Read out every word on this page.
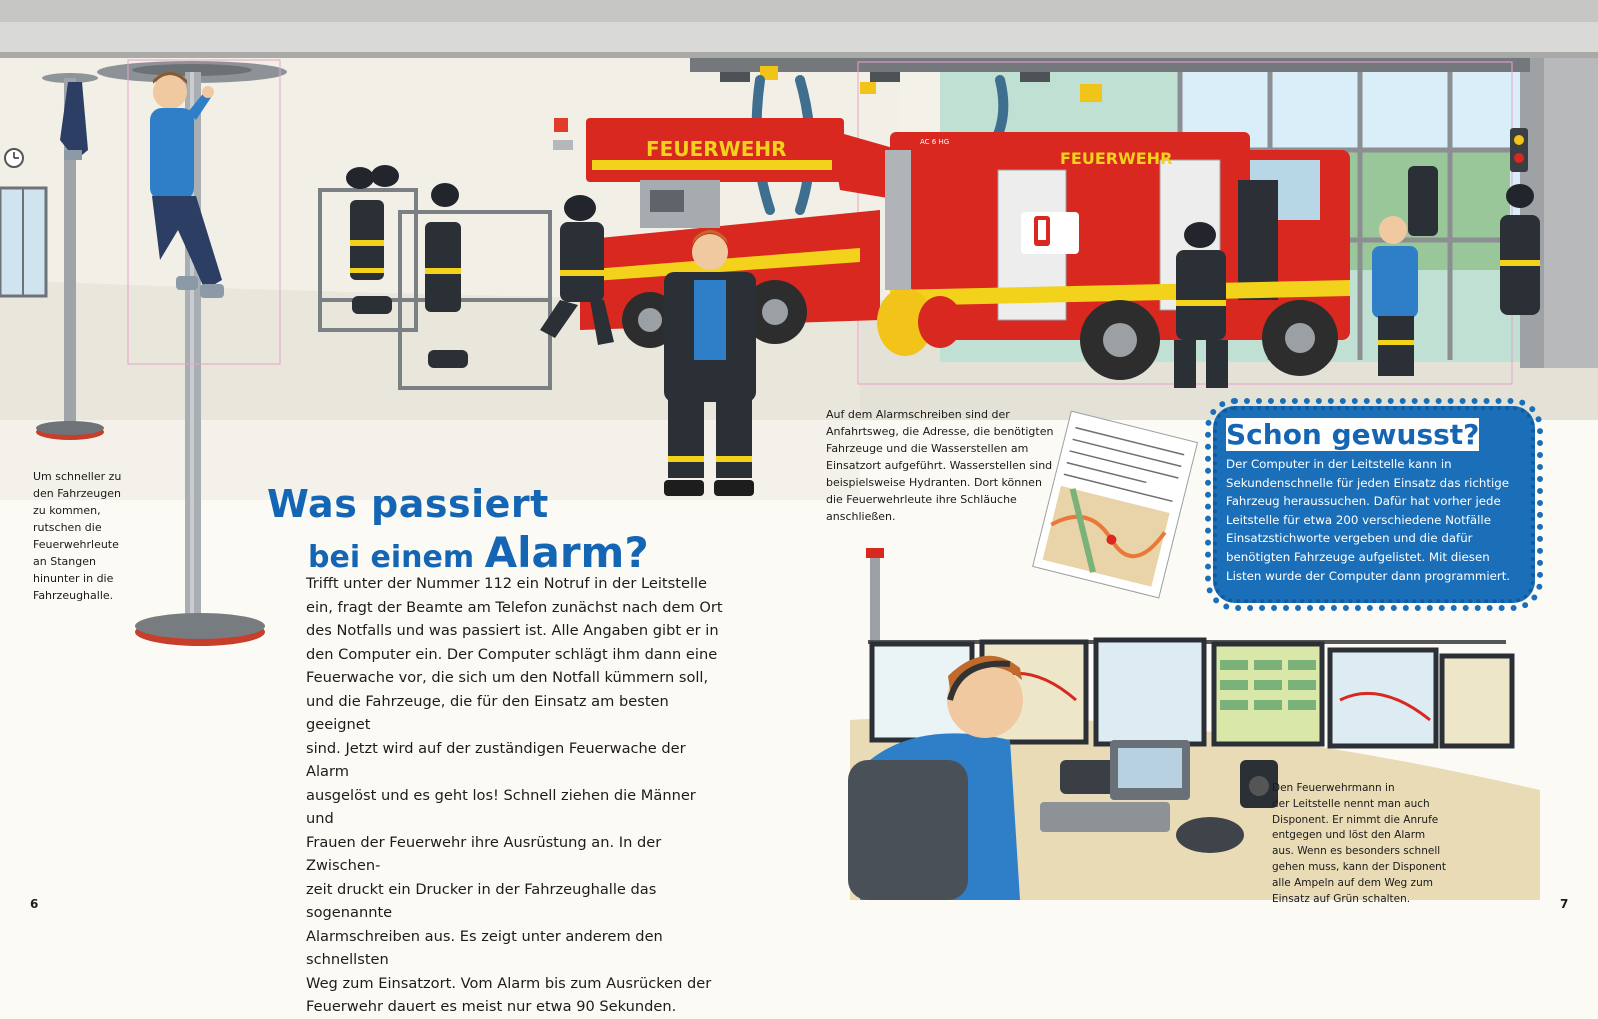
FEUERWEHR	FEUERWEHR
112
AC 6 HG
Um schneller zu
den Fahrzeugen
zu kommen,
rutschen die
Feuerwehrleute
an Stangen
hinunter in die
Fahrzeughalle.
Auf dem Alarmschreiben sind der
Anfahrtsweg, die Adresse, die benötigten
Fahrzeuge und die Wasserstellen am
Einsatzort aufgeführt. Wasserstellen sind
beispielsweise Hydranten. Dort können
die Feuerwehrleute ihre Schläuche
anschließen.
Was passiert
bei einem Alarm?
Trifft unter der Nummer 112 ein Notruf in der Leitstelle
ein, fragt der Beamte am Telefon zunächst nach dem Ort
des Notfalls und was passiert ist. Alle Angaben gibt er in
den Computer ein. Der Computer schlägt ihm dann eine
Feuerwache vor, die sich um den Notfall kümmern soll,
und die Fahrzeuge, die für den Einsatz am besten geeignet
sind. Jetzt wird auf der zuständigen Feuerwache der Alarm
ausgelöst und es geht los! Schnell ziehen die Männer und
Frauen der Feuerwehr ihre Ausrüstung an. In der Zwischen-
zeit druckt ein Drucker in der Fahrzeughalle das sogenannte
Alarmschreiben aus. Es zeigt unter anderem den schnellsten
Weg zum Einsatzort. Vom Alarm bis zum Ausrücken der
Feuerwehr dauert es meist nur etwa 90 Sekunden.
Schon gewusst?
Der Computer in der Leitstelle kann in
Sekundenschnelle für jeden Einsatz das richtige
Fahrzeug heraussuchen. Dafür hat vorher jede
Leitstelle für etwa 200 verschiedene Notfälle
Einsatzstichworte vergeben und die dafür
benötigten Fahrzeuge aufgelistet. Mit diesen
Listen wurde der Computer dann programmiert.
Den Feuerwehrmann in
der Leitstelle nennt man auch
Disponent. Er nimmt die Anrufe
entgegen und löst den Alarm
aus. Wenn es besonders schnell
gehen muss, kann der Disponent
alle Ampeln auf dem Weg zum
Einsatz auf Grün schalten.
6	7
